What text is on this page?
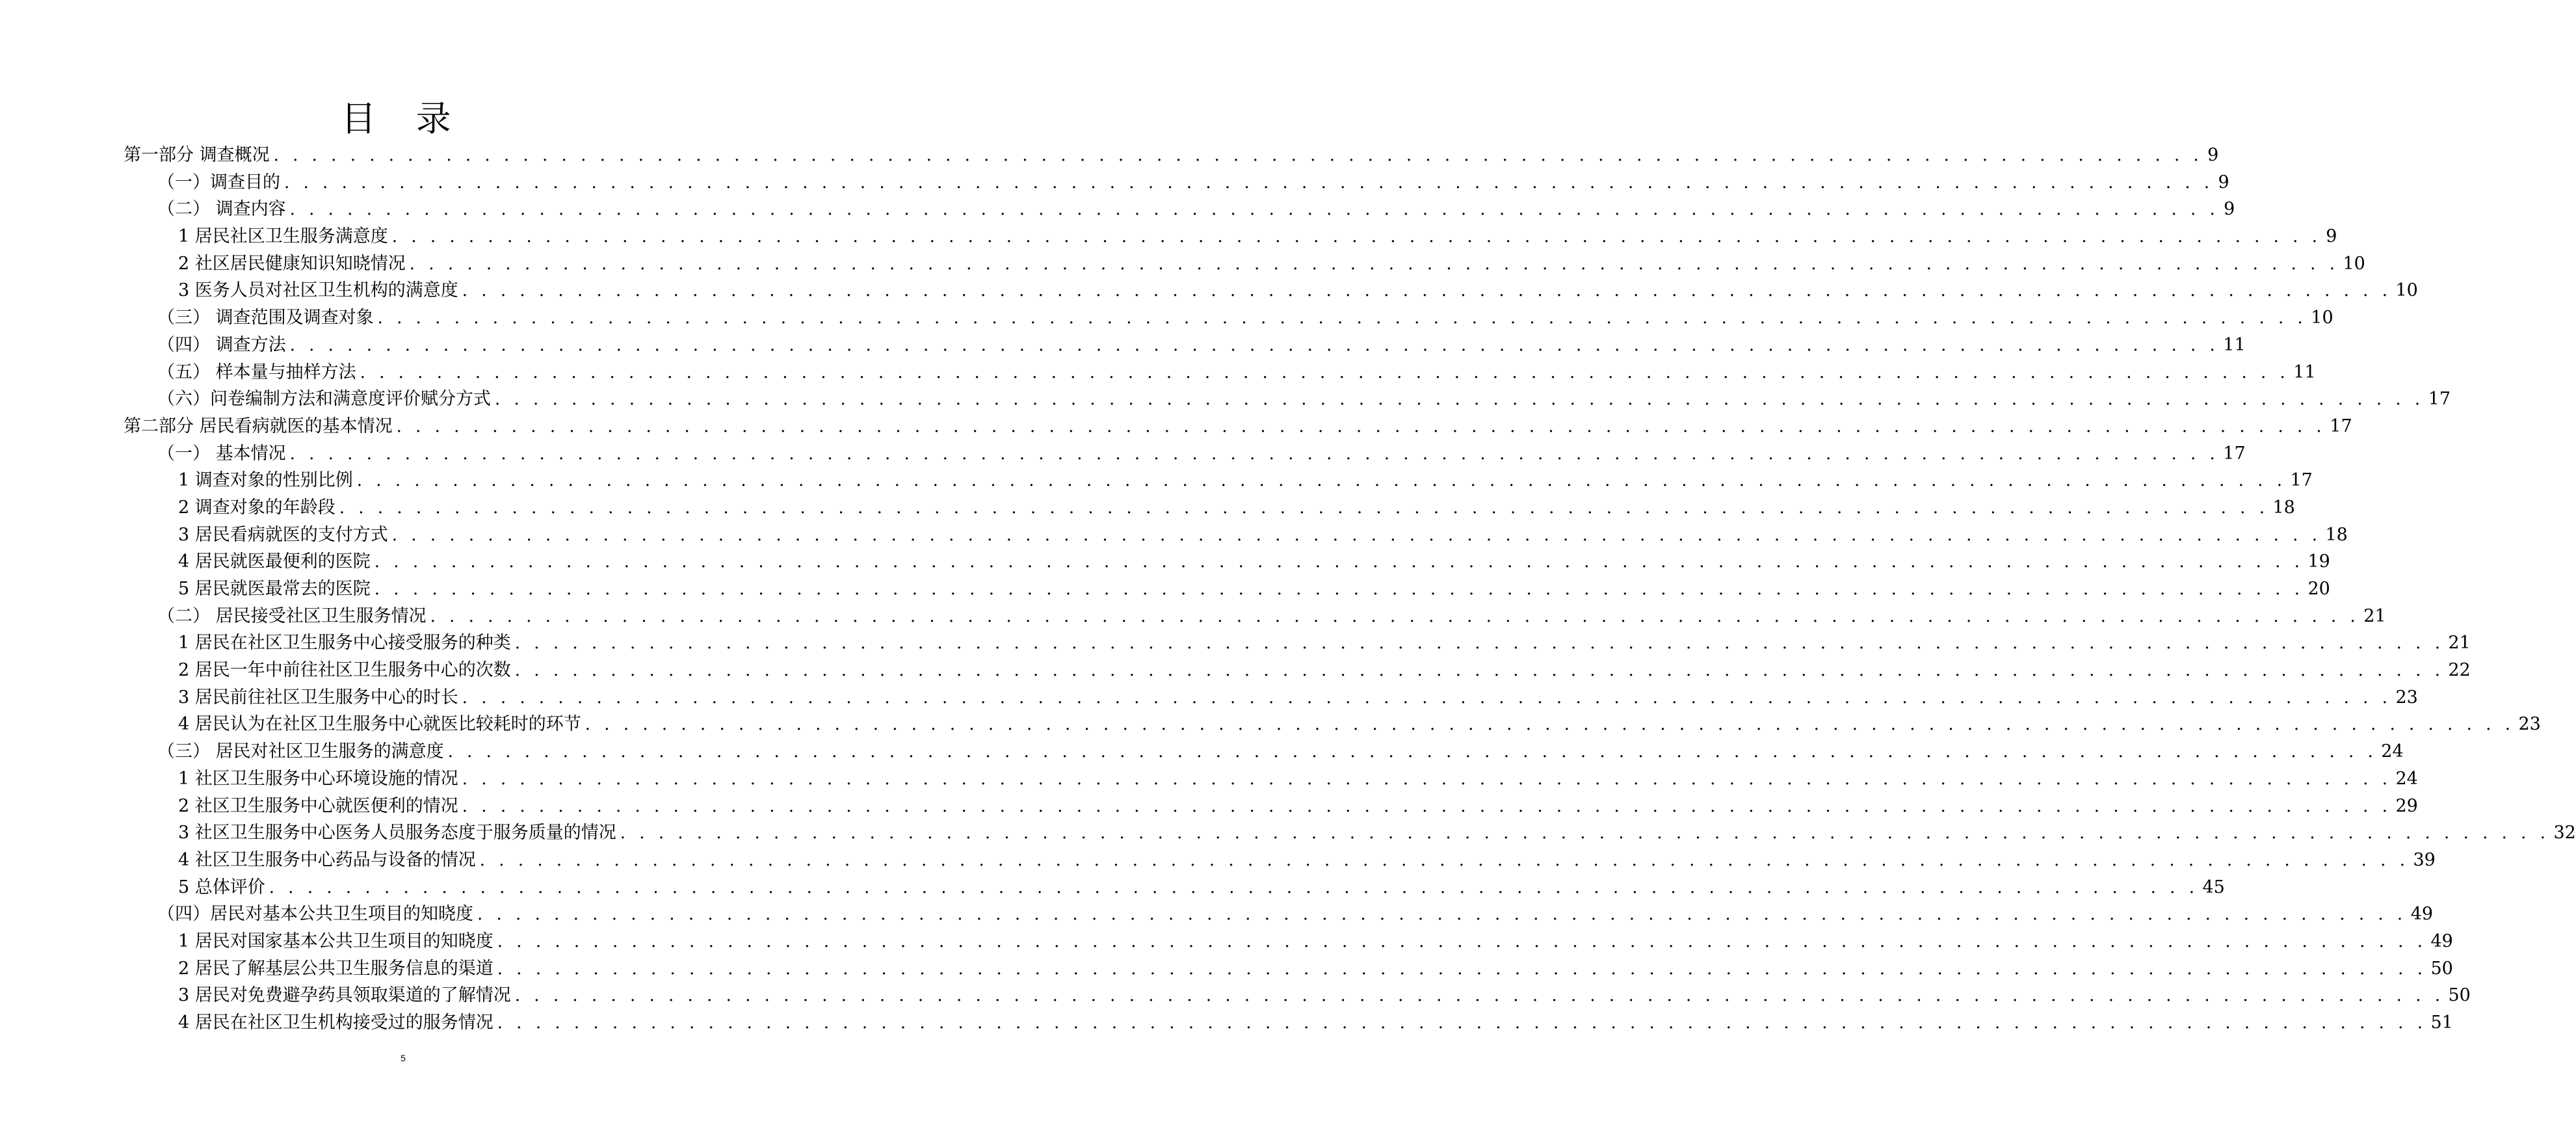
目 录
第一部分 调查概况 . . . . . . . . . . . . . . . . . . . . . . . . . . . . . . . . . . . . . . . . . . . . . . . . . . . . . . . . . . . . . . . . . . . . . . . . . . . . . . . . . . . . . . . . . . . . . . . . . . . . . 9
（一）调查目的 . . . . . . . . . . . . . . . . . . . . . . . . . . . . . . . . . . . . . . . . . . . . . . . . . . . . . . . . . . . . . . . . . . . . . . . . . . . . . . . . . . . . . . . . . . . . . . . . . . . . . 9
（二） 调查内容 . . . . . . . . . . . . . . . . . . . . . . . . . . . . . . . . . . . . . . . . . . . . . . . . . . . . . . . . . . . . . . . . . . . . . . . . . . . . . . . . . . . . . . . . . . . . . . . . . . . . . 9
1 居民社区卫生服务满意度 . . . . . . . . . . . . . . . . . . . . . . . . . . . . . . . . . . . . . . . . . . . . . . . . . . . . . . . . . . . . . . . . . . . . . . . . . . . . . . . . . . . . . . . . . . . . . . . . . . . . . 9
2 社区居民健康知识知晓情况 . . . . . . . . . . . . . . . . . . . . . . . . . . . . . . . . . . . . . . . . . . . . . . . . . . . . . . . . . . . . . . . . . . . . . . . . . . . . . . . . . . . . . . . . . . . . . . . . . . . . . 10
3 医务人员对社区卫生机构的满意度 . . . . . . . . . . . . . . . . . . . . . . . . . . . . . . . . . . . . . . . . . . . . . . . . . . . . . . . . . . . . . . . . . . . . . . . . . . . . . . . . . . . . . . . . . . . . . . . . . . . . . 10
（三） 调查范围及调查对象 . . . . . . . . . . . . . . . . . . . . . . . . . . . . . . . . . . . . . . . . . . . . . . . . . . . . . . . . . . . . . . . . . . . . . . . . . . . . . . . . . . . . . . . . . . . . . . . . . . . . . 10
（四） 调查方法 . . . . . . . . . . . . . . . . . . . . . . . . . . . . . . . . . . . . . . . . . . . . . . . . . . . . . . . . . . . . . . . . . . . . . . . . . . . . . . . . . . . . . . . . . . . . . . . . . . . . . 11
（五） 样本量与抽样方法 . . . . . . . . . . . . . . . . . . . . . . . . . . . . . . . . . . . . . . . . . . . . . . . . . . . . . . . . . . . . . . . . . . . . . . . . . . . . . . . . . . . . . . . . . . . . . . . . . . . . . 11
（六）问卷编制方法和满意度评价赋分方式 . . . . . . . . . . . . . . . . . . . . . . . . . . . . . . . . . . . . . . . . . . . . . . . . . . . . . . . . . . . . . . . . . . . . . . . . . . . . . . . . . . . . . . . . . . . . . . . . . . . . . 17
第二部分 居民看病就医的基本情况 . . . . . . . . . . . . . . . . . . . . . . . . . . . . . . . . . . . . . . . . . . . . . . . . . . . . . . . . . . . . . . . . . . . . . . . . . . . . . . . . . . . . . . . . . . . . . . . . . . . . . 17
（一） 基本情况 . . . . . . . . . . . . . . . . . . . . . . . . . . . . . . . . . . . . . . . . . . . . . . . . . . . . . . . . . . . . . . . . . . . . . . . . . . . . . . . . . . . . . . . . . . . . . . . . . . . . . 17
1 调查对象的性别比例 . . . . . . . . . . . . . . . . . . . . . . . . . . . . . . . . . . . . . . . . . . . . . . . . . . . . . . . . . . . . . . . . . . . . . . . . . . . . . . . . . . . . . . . . . . . . . . . . . . . . . 17
2 调查对象的年龄段 . . . . . . . . . . . . . . . . . . . . . . . . . . . . . . . . . . . . . . . . . . . . . . . . . . . . . . . . . . . . . . . . . . . . . . . . . . . . . . . . . . . . . . . . . . . . . . . . . . . . . 18
3 居民看病就医的支付方式 . . . . . . . . . . . . . . . . . . . . . . . . . . . . . . . . . . . . . . . . . . . . . . . . . . . . . . . . . . . . . . . . . . . . . . . . . . . . . . . . . . . . . . . . . . . . . . . . . . . . . 18
4 居民就医最便利的医院 . . . . . . . . . . . . . . . . . . . . . . . . . . . . . . . . . . . . . . . . . . . . . . . . . . . . . . . . . . . . . . . . . . . . . . . . . . . . . . . . . . . . . . . . . . . . . . . . . . . . . 19
5 居民就医最常去的医院 . . . . . . . . . . . . . . . . . . . . . . . . . . . . . . . . . . . . . . . . . . . . . . . . . . . . . . . . . . . . . . . . . . . . . . . . . . . . . . . . . . . . . . . . . . . . . . . . . . . . . 20
（二） 居民接受社区卫生服务情况 . . . . . . . . . . . . . . . . . . . . . . . . . . . . . . . . . . . . . . . . . . . . . . . . . . . . . . . . . . . . . . . . . . . . . . . . . . . . . . . . . . . . . . . . . . . . . . . . . . . . . 21
1 居民在社区卫生服务中心接受服务的种类 . . . . . . . . . . . . . . . . . . . . . . . . . . . . . . . . . . . . . . . . . . . . . . . . . . . . . . . . . . . . . . . . . . . . . . . . . . . . . . . . . . . . . . . . . . . . . . . . . . . . . 21
2 居民一年中前往社区卫生服务中心的次数 . . . . . . . . . . . . . . . . . . . . . . . . . . . . . . . . . . . . . . . . . . . . . . . . . . . . . . . . . . . . . . . . . . . . . . . . . . . . . . . . . . . . . . . . . . . . . . . . . . . . . 22
3 居民前往社区卫生服务中心的时长 . . . . . . . . . . . . . . . . . . . . . . . . . . . . . . . . . . . . . . . . . . . . . . . . . . . . . . . . . . . . . . . . . . . . . . . . . . . . . . . . . . . . . . . . . . . . . . . . . . . . . 23
4 居民认为在社区卫生服务中心就医比较耗时的环节 . . . . . . . . . . . . . . . . . . . . . . . . . . . . . . . . . . . . . . . . . . . . . . . . . . . . . . . . . . . . . . . . . . . . . . . . . . . . . . . . . . . . . . . . . . . . . . . . . . . . . 23
（三） 居民对社区卫生服务的满意度 . . . . . . . . . . . . . . . . . . . . . . . . . . . . . . . . . . . . . . . . . . . . . . . . . . . . . . . . . . . . . . . . . . . . . . . . . . . . . . . . . . . . . . . . . . . . . . . . . . . . . 24
1 社区卫生服务中心环境设施的情况 . . . . . . . . . . . . . . . . . . . . . . . . . . . . . . . . . . . . . . . . . . . . . . . . . . . . . . . . . . . . . . . . . . . . . . . . . . . . . . . . . . . . . . . . . . . . . . . . . . . . . 24
2 社区卫生服务中心就医便利的情况 . . . . . . . . . . . . . . . . . . . . . . . . . . . . . . . . . . . . . . . . . . . . . . . . . . . . . . . . . . . . . . . . . . . . . . . . . . . . . . . . . . . . . . . . . . . . . . . . . . . . . 29
3 社区卫生服务中心医务人员服务态度于服务质量的情况 . . . . . . . . . . . . . . . . . . . . . . . . . . . . . . . . . . . . . . . . . . . . . . . . . . . . . . . . . . . . . . . . . . . . . . . . . . . . . . . . . . . . . . . . . . . . . . . . . . . . . 32
4 社区卫生服务中心药品与设备的情况 . . . . . . . . . . . . . . . . . . . . . . . . . . . . . . . . . . . . . . . . . . . . . . . . . . . . . . . . . . . . . . . . . . . . . . . . . . . . . . . . . . . . . . . . . . . . . . . . . . . . . 39
5 总体评价 . . . . . . . . . . . . . . . . . . . . . . . . . . . . . . . . . . . . . . . . . . . . . . . . . . . . . . . . . . . . . . . . . . . . . . . . . . . . . . . . . . . . . . . . . . . . . . . . . . . . . 45
（四）居民对基本公共卫生项目的知晓度 . . . . . . . . . . . . . . . . . . . . . . . . . . . . . . . . . . . . . . . . . . . . . . . . . . . . . . . . . . . . . . . . . . . . . . . . . . . . . . . . . . . . . . . . . . . . . . . . . . . . . 49
1 居民对国家基本公共卫生项目的知晓度 . . . . . . . . . . . . . . . . . . . . . . . . . . . . . . . . . . . . . . . . . . . . . . . . . . . . . . . . . . . . . . . . . . . . . . . . . . . . . . . . . . . . . . . . . . . . . . . . . . . . . 49
2 居民了解基层公共卫生服务信息的渠道 . . . . . . . . . . . . . . . . . . . . . . . . . . . . . . . . . . . . . . . . . . . . . . . . . . . . . . . . . . . . . . . . . . . . . . . . . . . . . . . . . . . . . . . . . . . . . . . . . . . . . 50
3 居民对免费避孕药具领取渠道的了解情况 . . . . . . . . . . . . . . . . . . . . . . . . . . . . . . . . . . . . . . . . . . . . . . . . . . . . . . . . . . . . . . . . . . . . . . . . . . . . . . . . . . . . . . . . . . . . . . . . . . . . . 50
4 居民在社区卫生机构接受过的服务情况 . . . . . . . . . . . . . . . . . . . . . . . . . . . . . . . . . . . . . . . . . . . . . . . . . . . . . . . . . . . . . . . . . . . . . . . . . . . . . . . . . . . . . . . . . . . . . . . . . . . . . 51
5
